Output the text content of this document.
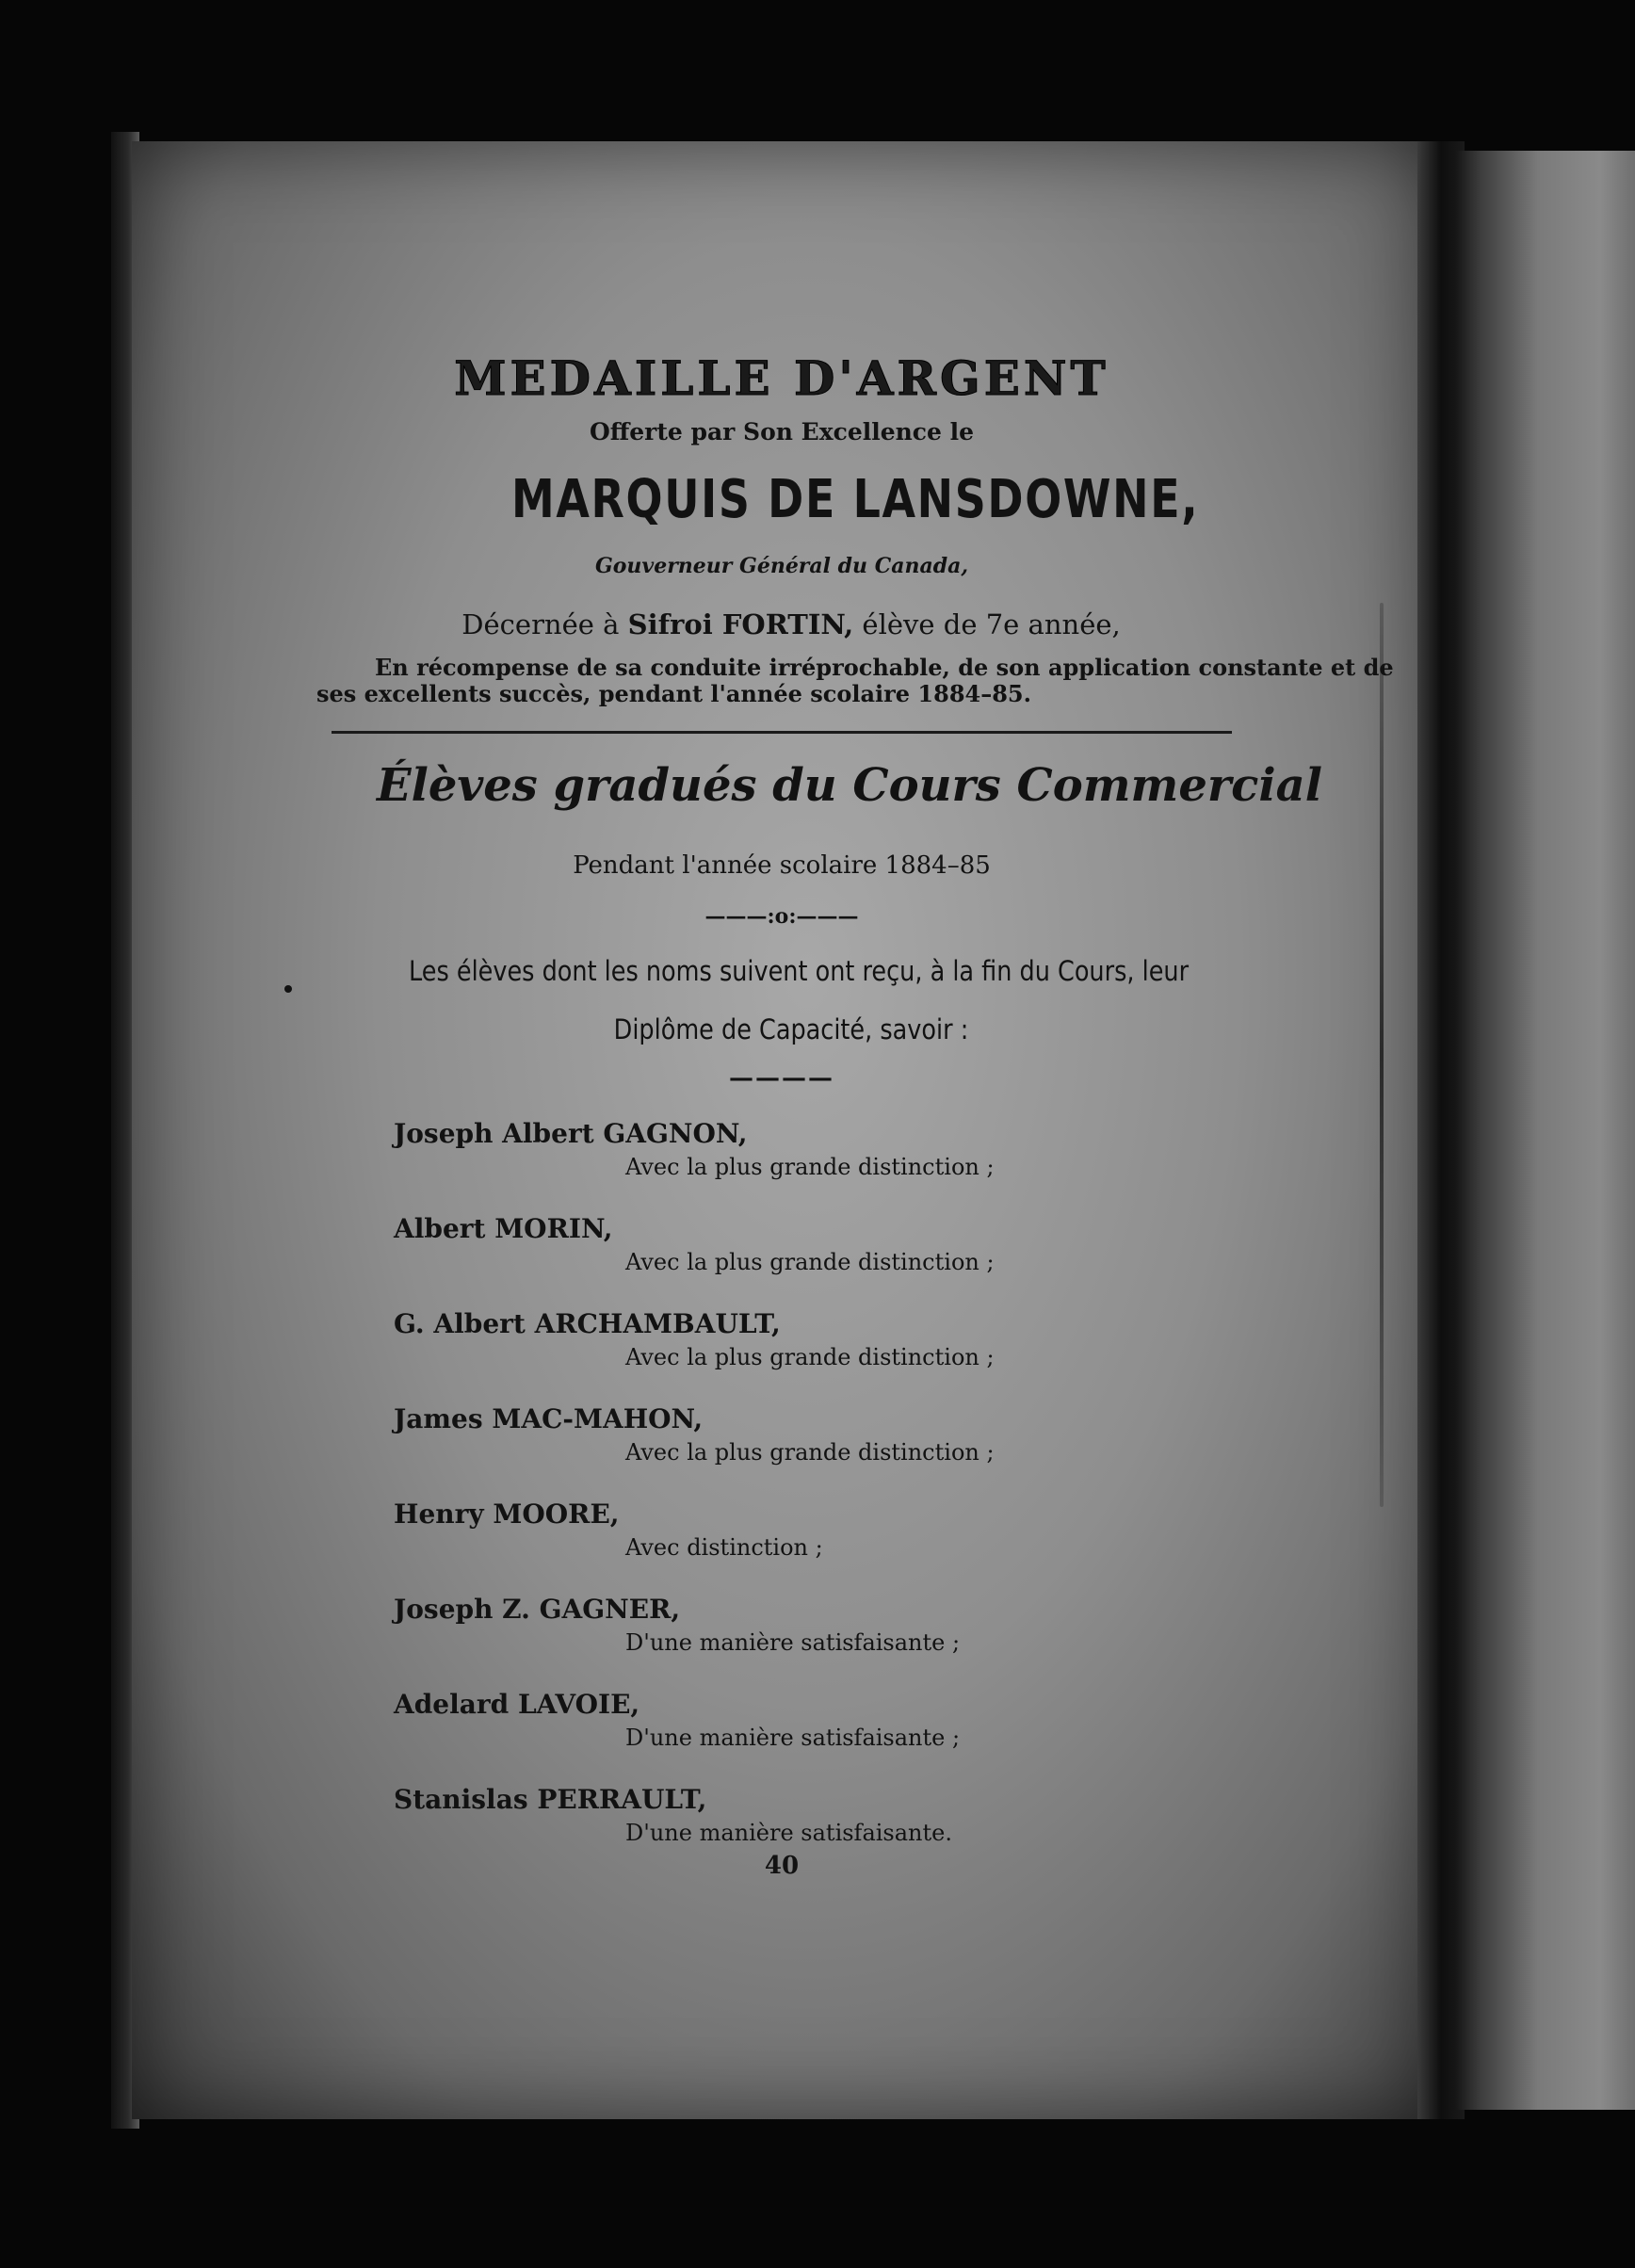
MEDAILLE D'ARGENT
Offerte par Son Excellence le
MARQUIS DE LANSDOWNE,
Gouverneur Général du Canada,
Décernée à Sifroi FORTIN, élève de 7e année,
En récompense de sa conduite irréprochable, de son application constante et de
ses excellents succès, pendant l'année scolaire 1884–85.
Élèves gradués du Cours Commercial
Pendant l'année scolaire 1884–85
———:o:———
Les élèves dont les noms suivent ont reçu, à la fin du Cours, leur
Diplôme de Capacité, savoir :
————
Joseph Albert GAGNON,
Avec la plus grande distinction ;
Albert MORIN,
Avec la plus grande distinction ;
G. Albert ARCHAMBAULT,
Avec la plus grande distinction ;
James MAC-MAHON,
Avec la plus grande distinction ;
Henry MOORE,
Avec distinction ;
Joseph Z. GAGNER,
D'une manière satisfaisante ;
Adelard LAVOIE,
D'une manière satisfaisante ;
Stanislas PERRAULT,
D'une manière satisfaisante.
40
